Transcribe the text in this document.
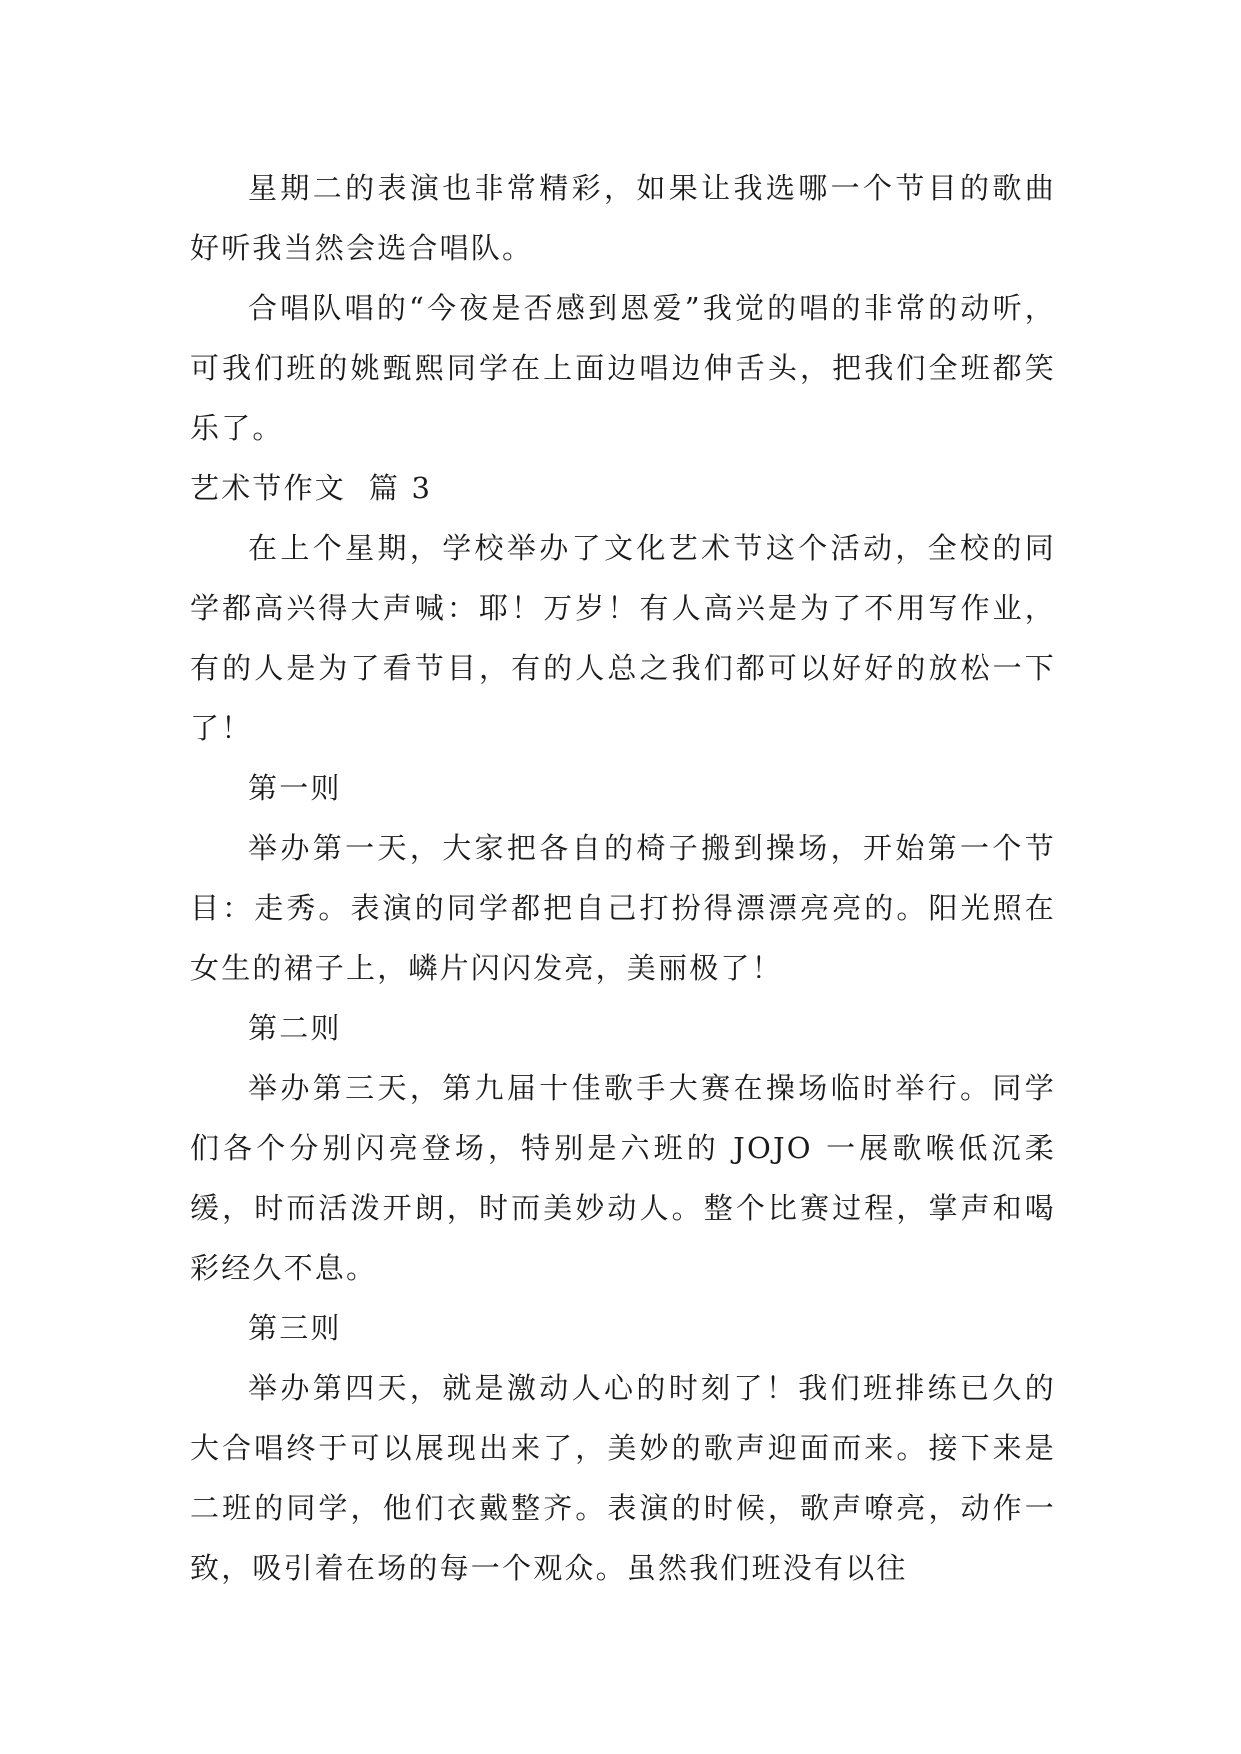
星期二的表演也非常精彩，如果让我选哪一个节目的歌曲好听我当然会选合唱队。

合唱队唱的“今夜是否感到恩爱”我觉的唱的非常的动听，可我们班的姚甄熙同学在上面边唱边伸舌头，把我们全班都笑乐了。

艺术节作文  篇 3

在上个星期，学校举办了文化艺术节这个活动，全校的同学都高兴得大声喊：耶！万岁！有人高兴是为了不用写作业，有的人是为了看节目，有的人总之我们都可以好好的放松一下了！

第一则

举办第一天，大家把各自的椅子搬到操场，开始第一个节目：走秀。表演的同学都把自己打扮得漂漂亮亮的。阳光照在女生的裙子上，嶙片闪闪发亮，美丽极了！

第二则

举办第三天，第九届十佳歌手大赛在操场临时举行。同学们各个分别闪亮登场，特别是六班的 JOJO 一展歌喉低沉柔缓，时而活泼开朗，时而美妙动人。整个比赛过程，掌声和喝彩经久不息。

第三则

举办第四天，就是激动人心的时刻了！我们班排练已久的大合唱终于可以展现出来了，美妙的歌声迎面而来。接下来是二班的同学，他们衣戴整齐。表演的时候，歌声嘹亮，动作一致，吸引着在场的每一个观众。虽然我们班没有以往
